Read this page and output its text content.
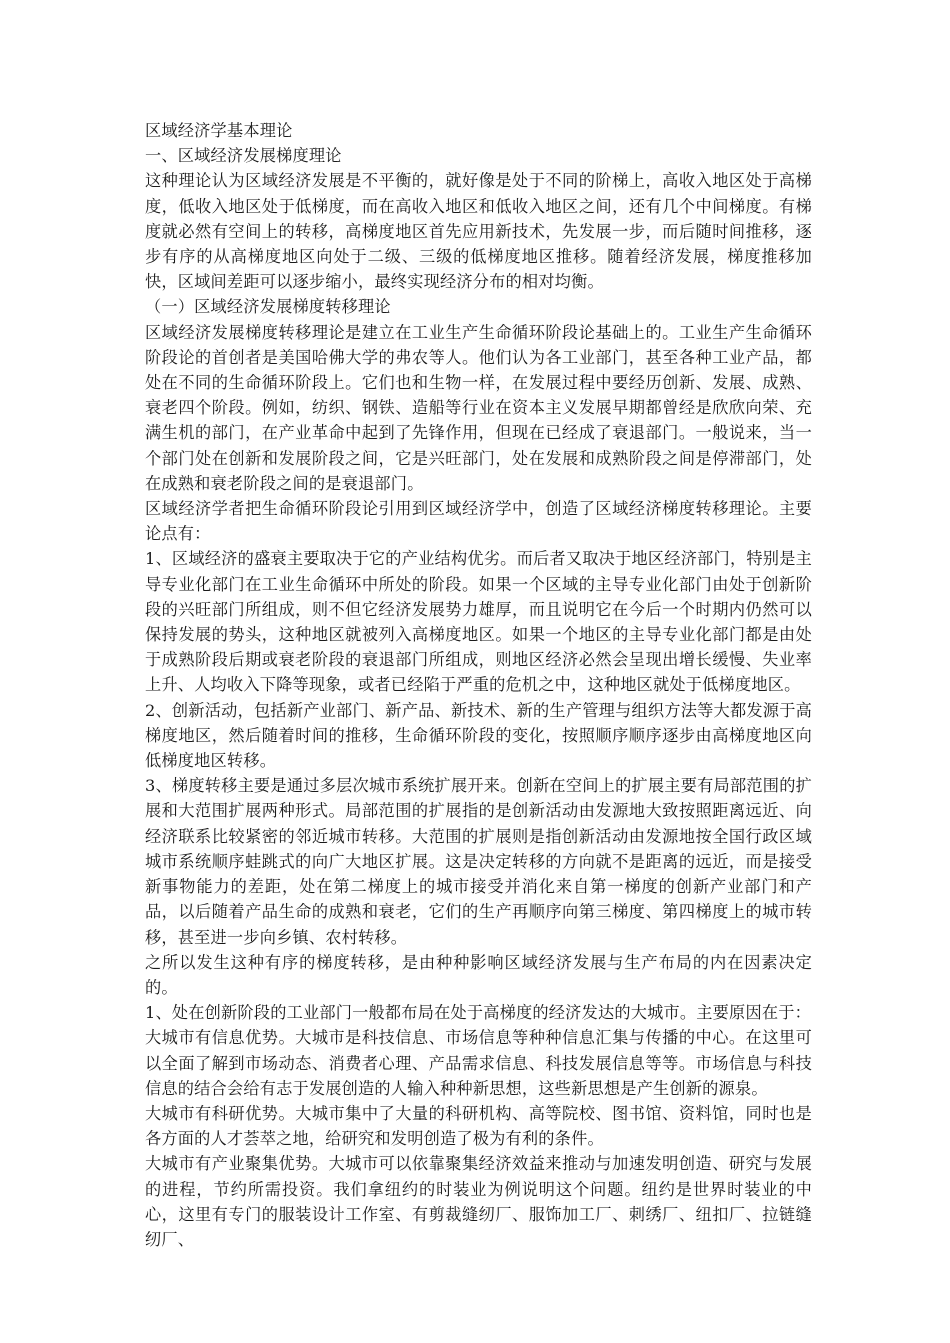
区域经济学基本理论

一、区域经济发展梯度理论

这种理论认为区域经济发展是不平衡的，就好像是处于不同的阶梯上，高收入地区处于高梯度，低收入地区处于低梯度，而在高收入地区和低收入地区之间，还有几个中间梯度。有梯度就必然有空间上的转移，高梯度地区首先应用新技术，先发展一步，而后随时间推移，逐步有序的从高梯度地区向处于二级、三级的低梯度地区推移。随着经济发展，梯度推移加快，区域间差距可以逐步缩小，最终实现经济分布的相对均衡。

（一）区域经济发展梯度转移理论

区域经济发展梯度转移理论是建立在工业生产生命循环阶段论基础上的。工业生产生命循环阶段论的首创者是美国哈佛大学的弗农等人。他们认为各工业部门，甚至各种工业产品，都处在不同的生命循环阶段上。它们也和生物一样，在发展过程中要经历创新、发展、成熟、衰老四个阶段。例如，纺织、钢铁、造船等行业在资本主义发展早期都曾经是欣欣向荣、充满生机的部门，在产业革命中起到了先锋作用，但现在已经成了衰退部门。一般说来，当一个部门处在创新和发展阶段之间，它是兴旺部门，处在发展和成熟阶段之间是停滞部门，处在成熟和衰老阶段之间的是衰退部门。

区域经济学者把生命循环阶段论引用到区域经济学中，创造了区域经济梯度转移理论。主要论点有：

1、区域经济的盛衰主要取决于它的产业结构优劣。而后者又取决于地区经济部门，特别是主导专业化部门在工业生命循环中所处的阶段。如果一个区域的主导专业化部门由处于创新阶段的兴旺部门所组成，则不但它经济发展势力雄厚，而且说明它在今后一个时期内仍然可以保持发展的势头，这种地区就被列入高梯度地区。如果一个地区的主导专业化部门都是由处于成熟阶段后期或衰老阶段的衰退部门所组成，则地区经济必然会呈现出增长缓慢、失业率上升、人均收入下降等现象，或者已经陷于严重的危机之中，这种地区就处于低梯度地区。

2、创新活动，包括新产业部门、新产品、新技术、新的生产管理与组织方法等大都发源于高梯度地区，然后随着时间的推移，生命循环阶段的变化，按照顺序顺序逐步由高梯度地区向低梯度地区转移。

3、梯度转移主要是通过多层次城市系统扩展开来。创新在空间上的扩展主要有局部范围的扩展和大范围扩展两种形式。局部范围的扩展指的是创新活动由发源地大致按照距离远近、向经济联系比较紧密的邻近城市转移。大范围的扩展则是指创新活动由发源地按全国行政区域城市系统顺序蛙跳式的向广大地区扩展。这是决定转移的方向就不是距离的远近，而是接受新事物能力的差距，处在第二梯度上的城市接受并消化来自第一梯度的创新产业部门和产品，以后随着产品生命的成熟和衰老，它们的生产再顺序向第三梯度、第四梯度上的城市转移，甚至进一步向乡镇、农村转移。

之所以发生这种有序的梯度转移，是由种种影响区域经济发展与生产布局的内在因素决定的。

1、处在创新阶段的工业部门一般都布局在处于高梯度的经济发达的大城市。主要原因在于：

大城市有信息优势。大城市是科技信息、市场信息等种种信息汇集与传播的中心。在这里可以全面了解到市场动态、消费者心理、产品需求信息、科技发展信息等等。市场信息与科技信息的结合会给有志于发展创造的人输入种种新思想，这些新思想是产生创新的源泉。

大城市有科研优势。大城市集中了大量的科研机构、高等院校、图书馆、资料馆，同时也是各方面的人才荟萃之地，给研究和发明创造了极为有利的条件。

大城市有产业聚集优势。大城市可以依靠聚集经济效益来推动与加速发明创造、研究与发展的进程，节约所需投资。我们拿纽约的时装业为例说明这个问题。纽约是世界时装业的中心，这里有专门的服装设计工作室、有剪裁缝纫厂、服饰加工厂、刺绣厂、纽扣厂、拉链缝纫厂、
